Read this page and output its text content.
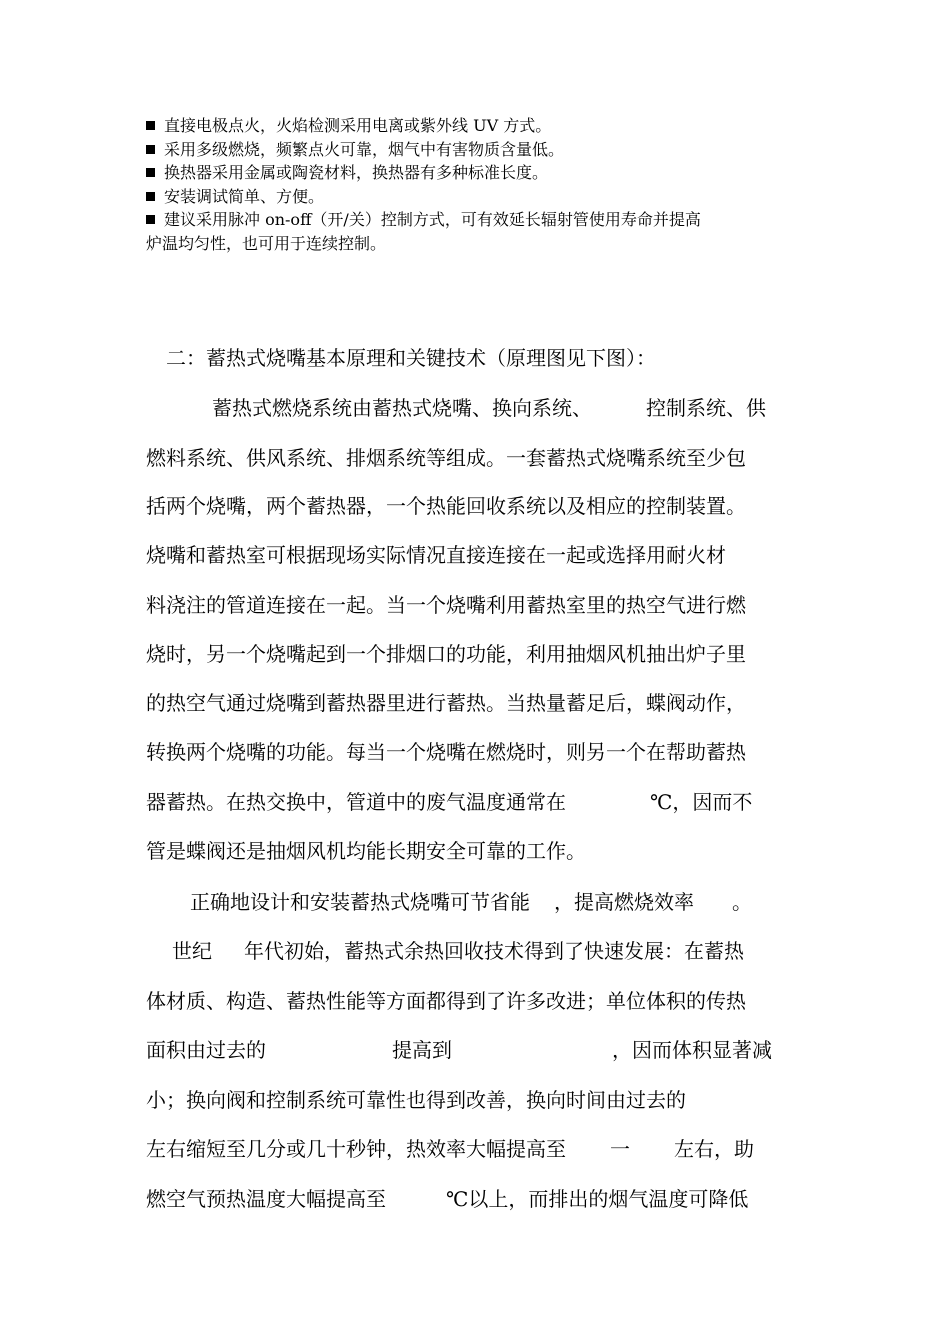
直接电极点火，火焰检测采用电离或紫外线 UV 方式。
采用多级燃烧，频繁点火可靠，烟气中有害物质含量低。
换热器采用金属或陶瓷材料，换热器有多种标准长度。
安装调试简单、方便。
建议采用脉冲 on-off（开/关）控制方式，可有效延长辐射管使用寿命并提高
炉温均匀性，也可用于连续控制。
二：蓄热式烧嘴基本原理和关键技术（原理图见下图）：
蓄热式燃烧系统由蓄热式烧嘴、换向系统、	控制系统、供
燃料系统、供风系统、排烟系统等组成。一套蓄热式烧嘴系统至少包
括两个烧嘴，两个蓄热器，一个热能回收系统以及相应的控制装置。
烧嘴和蓄热室可根据现场实际情况直接连接在一起或选择用耐火材
料浇注的管道连接在一起。当一个烧嘴利用蓄热室里的热空气进行燃
烧时，另一个烧嘴起到一个排烟口的功能，利用抽烟风机抽出炉子里
的热空气通过烧嘴到蓄热器里进行蓄热。当热量蓄足后，蝶阀动作，
转换两个烧嘴的功能。每当一个烧嘴在燃烧时，则另一个在帮助蓄热
器蓄热。在热交换中，管道中的废气温度通常在	℃，因而不
管是蝶阀还是抽烟风机均能长期安全可靠的工作。
正确地设计和安装蓄热式烧嘴可节省能 ，提高燃烧效率 。
世纪 年代初始，蓄热式余热回收技术得到了快速发展：在蓄热
体材质、构造、蓄热性能等方面都得到了许多改进；单位体积的传热
面积由过去的	提高到	，因而体积显著减
小；换向阀和控制系统可靠性也得到改善，换向时间由过去的
左右缩短至几分或几十秒钟，热效率大幅提高至 一 左右，助
燃空气预热温度大幅提高至	℃以上，而排出的烟气温度可降低
